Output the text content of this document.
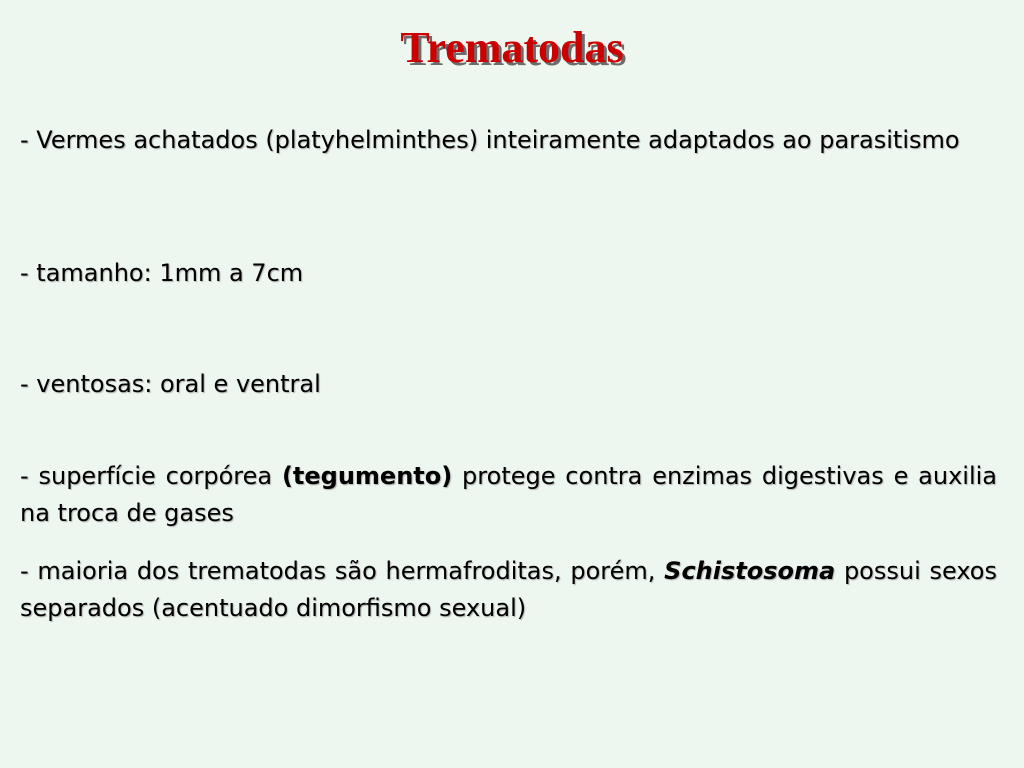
Trematodas

- Vermes achatados (platyhelminthes) inteiramente adaptados ao parasitismo

- tamanho: 1mm a 7cm

- ventosas: oral e ventral

- superfície corpórea (tegumento) protege contra enzimas digestivas e auxilia na troca de gases

- maioria dos trematodas são hermafroditas, porém, Schistosoma possui sexos separados (acentuado dimorfismo sexual)
